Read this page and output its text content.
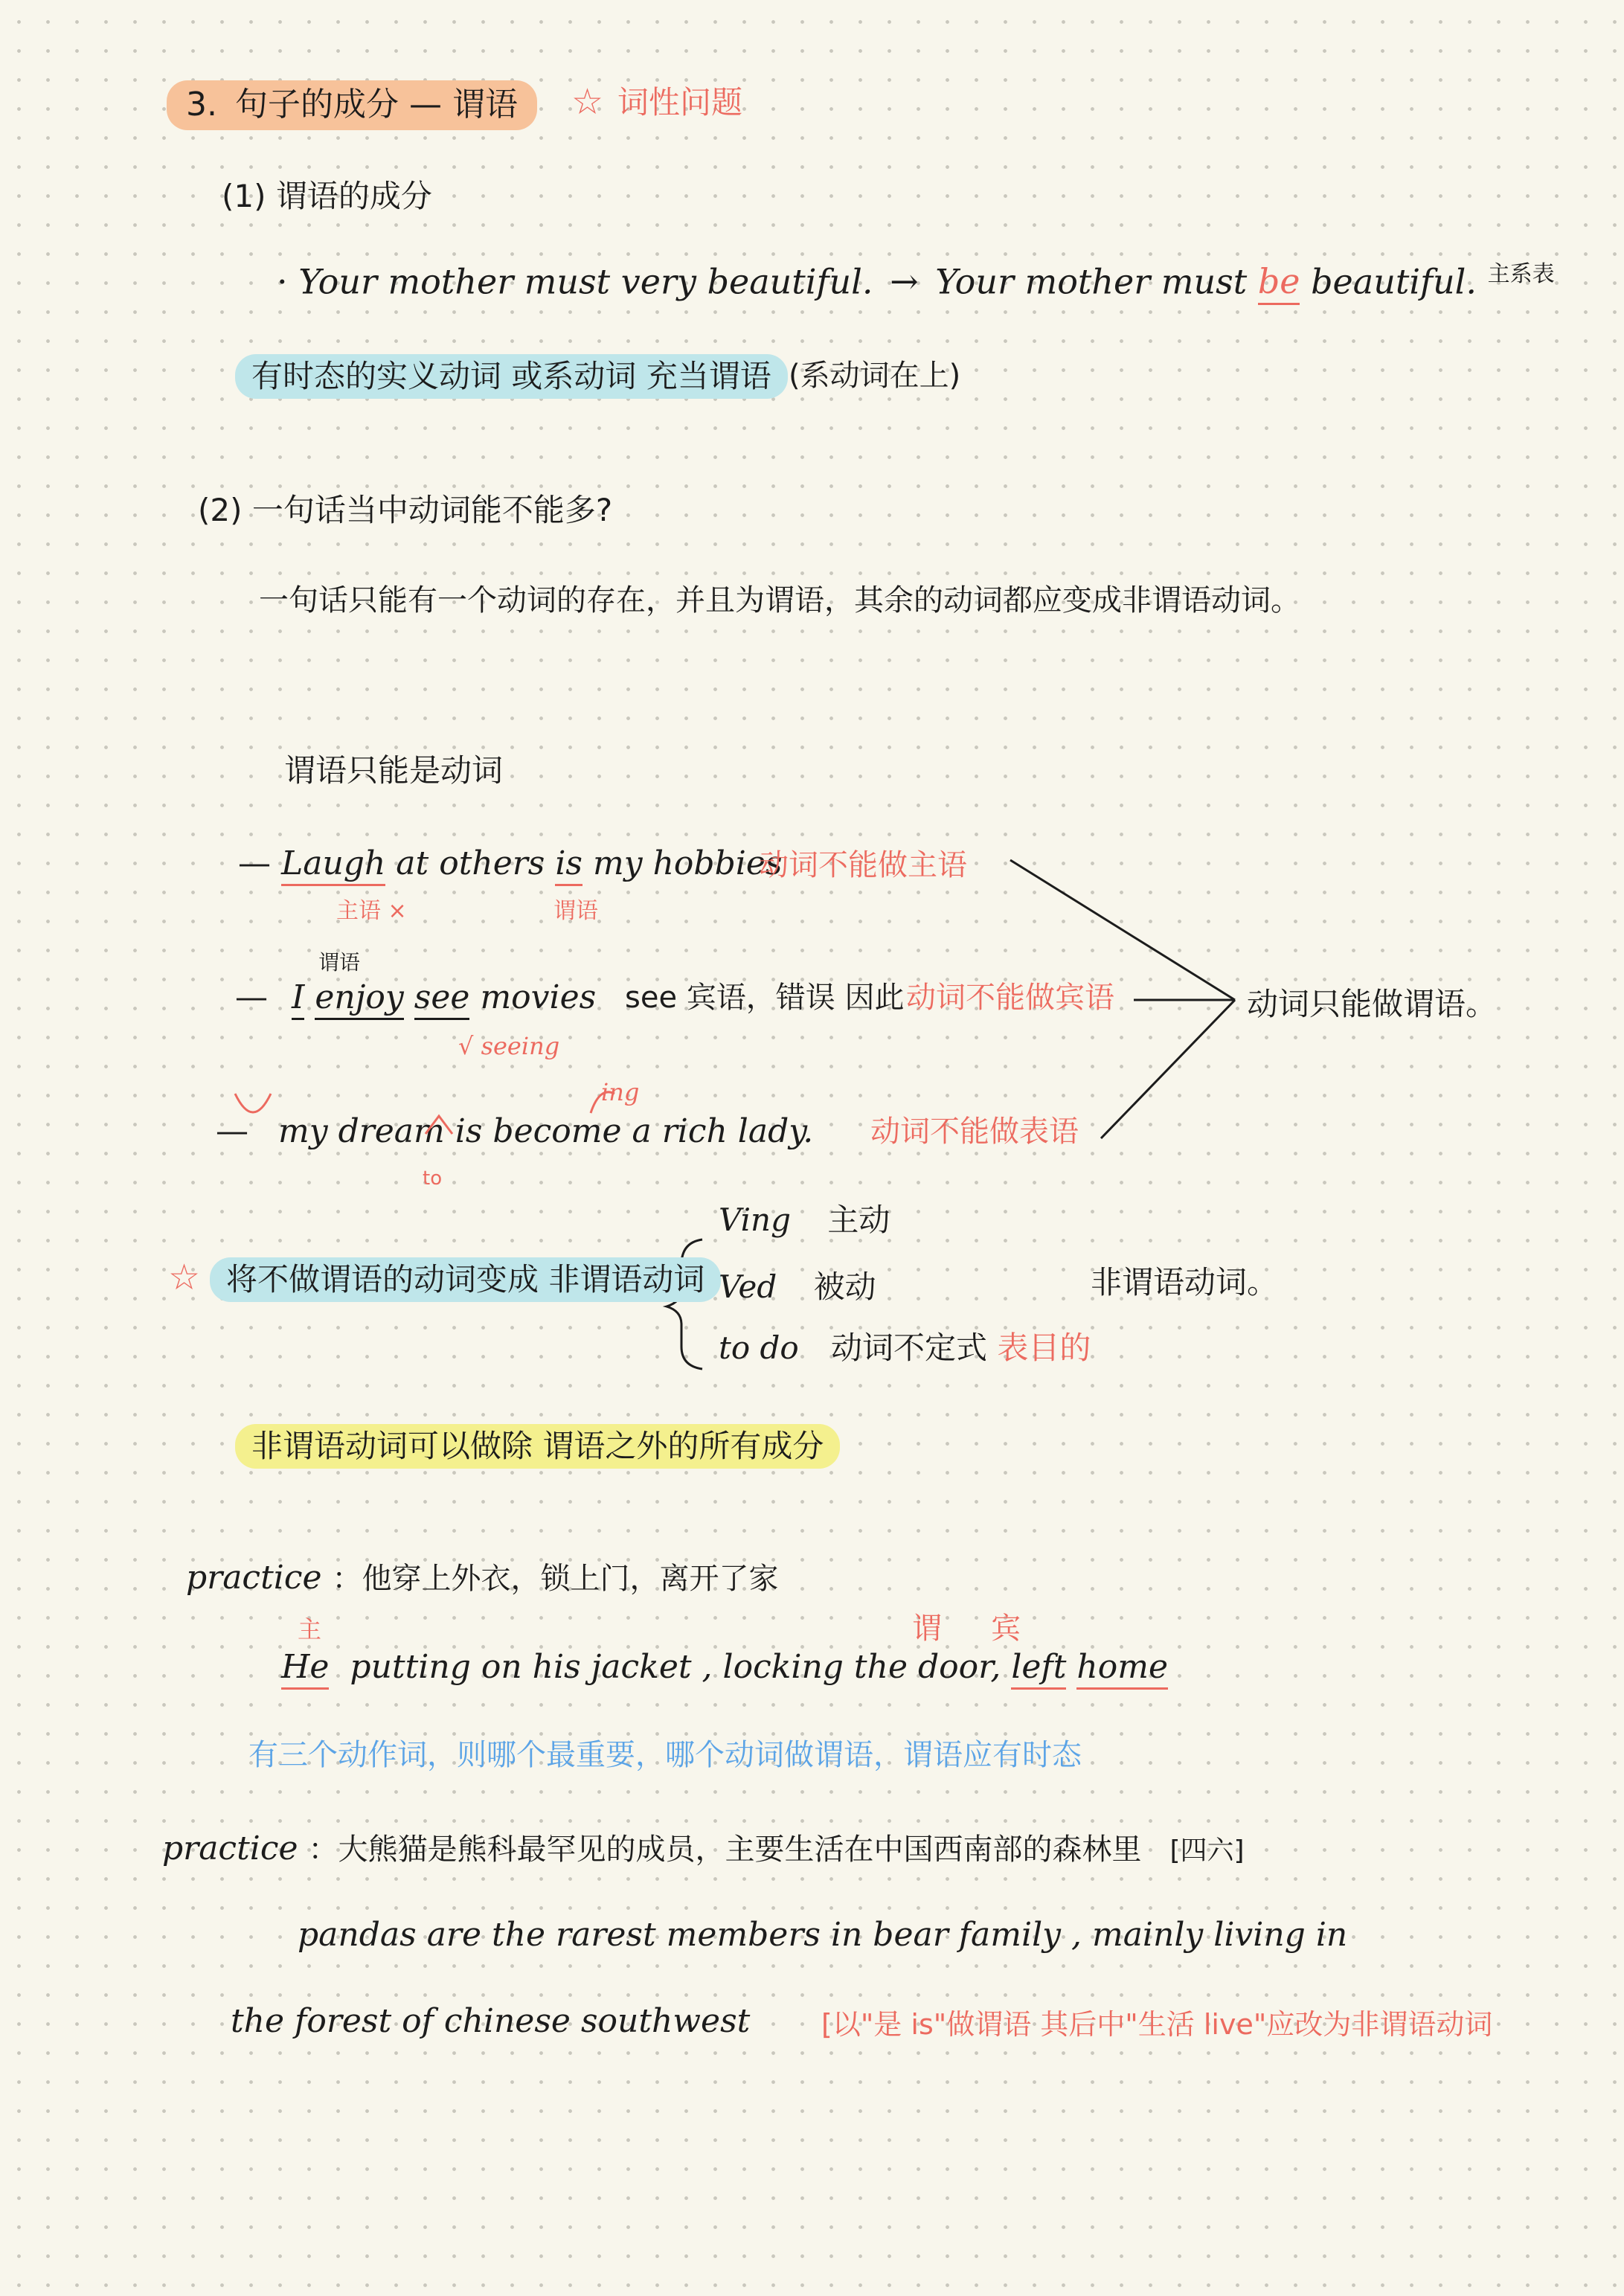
3. 句子的成分 — 谓语	☆ 词性问题
(1) 谓语的成分
· Your mother must very beautiful. → Your mother must be beautiful. $^{主系表}$
有时态的实义动词 或系动词 充当谓语 (系动词在上)
(2) 一句话当中动词能不能多?
一句话只能有一个动词的存在，并且为谓语，其余的动词都应变成非谓语动词。
谓语只能是动词
— Laugh at others is my hobbies
动词不能做主语
主语 ×	谓语
谓语
— I enjoy see movies
√ seeing
see 宾语，错误 因此 动词不能做宾语
ing
— my dream is become a rich lady.
to
动词不能做表语
动词只能做谓语。
☆ 将不做谓语的动词变成 非谓语动词
Ving 主动
Ved 被动
to do 动词不定式 表目的
非谓语动词。
非谓语动词可以做除 谓语之外的所有成分
practice ：他穿上外衣，锁上门，离开了家
主	谓 宾
He putting on his jacket , locking the door, left home
有三个动作词，则哪个最重要，哪个动词做谓语，谓语应有时态
practice ：大熊猫是熊科最罕见的成员，主要生活在中国西南部的森林里 [四六]
pandas are the rarest members in bear family , mainly living in
the forest of chinese southwest	[以"是 is"做谓语 其后中"生活 live"应改为非谓语动词
